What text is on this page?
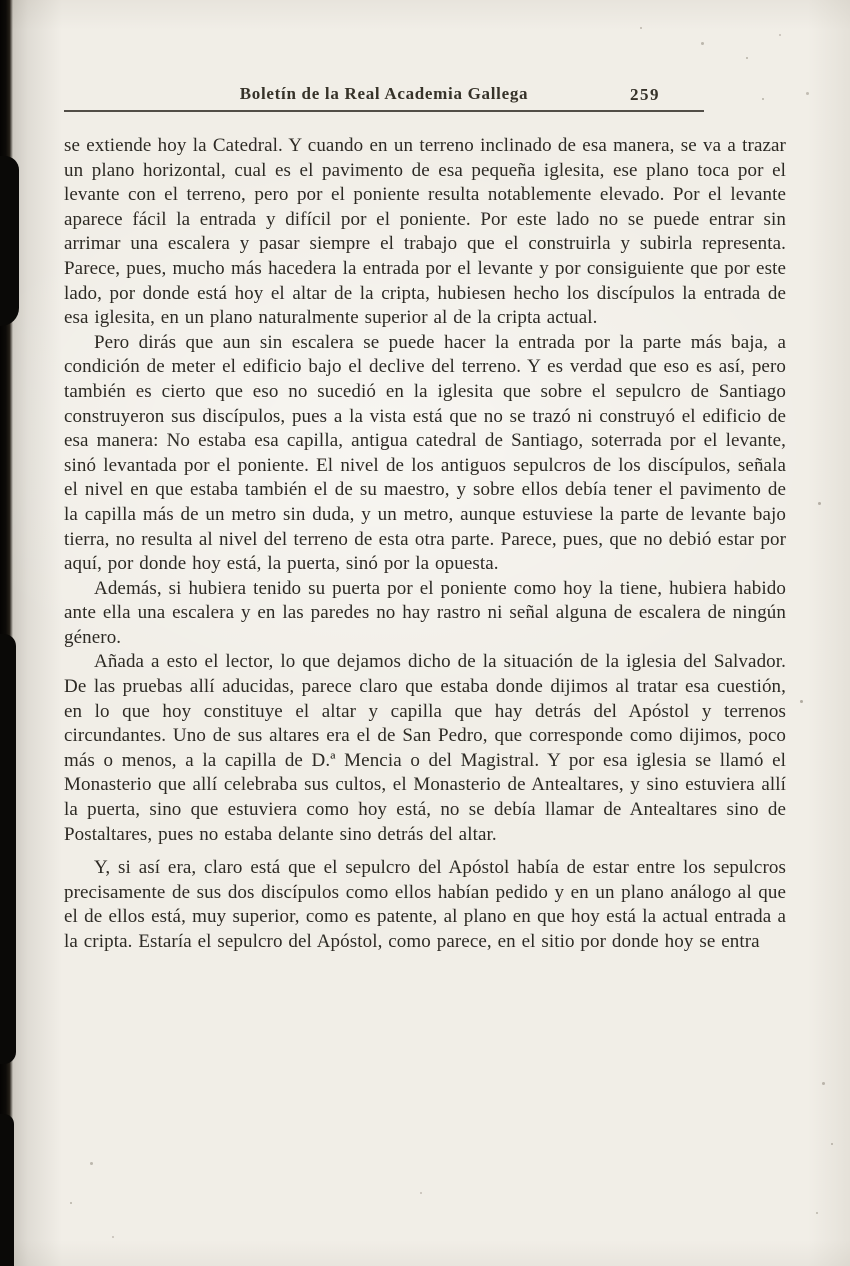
Boletín de la Real Academia Gallega	259

se extiende hoy la Catedral. Y cuando en un terreno inclinado de esa manera, se va a trazar un plano horizontal, cual es el pavimento de esa pequeña iglesita, ese plano toca por el levante con el terreno, pero por el poniente resulta notablemente elevado. Por el levante aparece fácil la entrada y difícil por el poniente. Por este lado no se puede entrar sin arrimar una escalera y pasar siempre el trabajo que el construirla y subirla representa. Parece, pues, mucho más hacedera la entrada por el levante y por consiguiente que por este lado, por donde está hoy el altar de la cripta, hubiesen hecho los discípulos la entrada de esa iglesita, en un plano naturalmente superior al de la cripta actual.

Pero dirás que aun sin escalera se puede hacer la entrada por la parte más baja, a condición de meter el edificio bajo el declive del terreno. Y es verdad que eso es así, pero también es cierto que eso no sucedió en la iglesita que sobre el sepulcro de Santiago construyeron sus discípulos, pues a la vista está que no se trazó ni construyó el edificio de esa manera: No estaba esa capilla, antigua catedral de Santiago, soterrada por el levante, sinó levantada por el poniente. El nivel de los antiguos sepulcros de los discípulos, señala el nivel en que estaba también el de su maestro, y sobre ellos debía tener el pavimento de la capilla más de un metro sin duda, y un metro, aunque estuviese la parte de levante bajo tierra, no resulta al nivel del terreno de esta otra parte. Parece, pues, que no debió estar por aquí, por donde hoy está, la puerta, sinó por la opuesta.

Además, si hubiera tenido su puerta por el poniente como hoy la tiene, hubiera habido ante ella una escalera y en las paredes no hay rastro ni señal alguna de escalera de ningún género.

Añada a esto el lector, lo que dejamos dicho de la situación de la iglesia del Salvador. De las pruebas allí aducidas, parece claro que estaba donde dijimos al tratar esa cuestión, en lo que hoy constituye el altar y capilla que hay detrás del Apóstol y terrenos circundantes. Uno de sus altares era el de San Pedro, que corresponde como dijimos, poco más o menos, a la capilla de D.ª Mencia o del Magistral. Y por esa iglesia se llamó el Monasterio que allí celebraba sus cultos, el Monasterio de Antealtares, y sino estuviera allí la puerta, sino que estuviera como hoy está, no se debía llamar de Antealtares sino de Postaltares, pues no estaba delante sino detrás del altar.

Y, si así era, claro está que el sepulcro del Apóstol había de estar entre los sepulcros precisamente de sus dos discípulos como ellos habían pedido y en un plano análogo al que el de ellos está, muy superior, como es patente, al plano en que hoy está la actual entrada a la cripta. Estaría el sepulcro del Apóstol, como parece, en el sitio por donde hoy se entra
